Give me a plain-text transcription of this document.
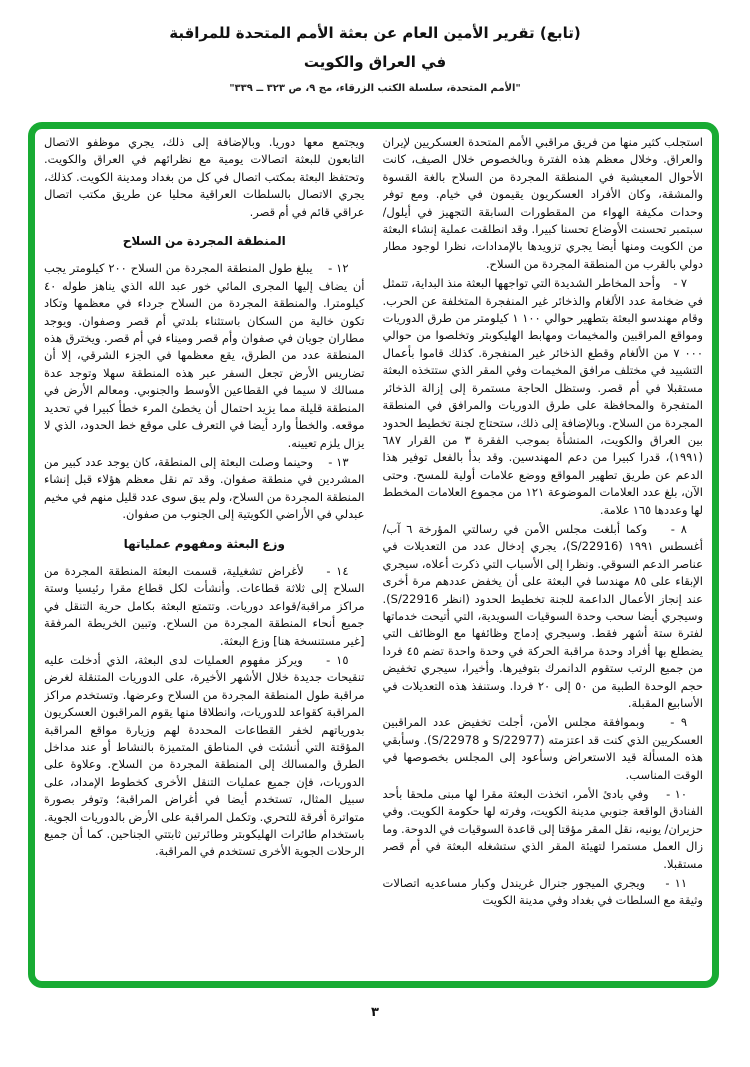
(تابع) تقرير الأمين العام عن بعثة الأمم المتحدة للمراقبة
في العراق والكويت
"الأمم المتحدة، سلسلة الكتب الزرقاء، مج ٩، ص ٣٢٣ ــ ٣٣٩"

استجلب كثير منها من فريق مراقبي الأمم المتحدة العسكريين لإيران والعراق. وخلال معظم هذه الفترة وبالخصوص خلال الصيف، كانت الأحوال المعيشية في المنطقة المجردة من السلاح بالغة القسوة والمشقة، وكان الأفراد العسكريون يقيمون في خيام. ومع توفر وحدات مكيفة الهواء من المقطورات السابقة التجهيز في أيلول/ سبتمبر تحسنت الأوضاع تحسنا كبيرا. وقد انطلقت عملية إنشاء البعثة من الكويت ومنها أيضا يجري تزويدها بالإمدادات، نظرا لوجود مطار دولي بالقرب من المنطقة المجردة من السلاح.

٧ -    وأحد المخاطر الشديدة التي تواجهها البعثة منذ البداية، تتمثل في ضخامة عدد الألغام والذخائر غير المنفجرة المتخلفة عن الحرب. وقام مهندسو البعثة بتطهير حوالي ١ ١٠٠ كيلومتر من طرق الدوريات ومواقع المراقبين والمخيمات ومهابط الهليكوبتر وتخلصوا من حوالي ٧ ٠٠٠ من الألغام وقطع الذخائر غير المنفجرة. كذلك قاموا بأعمال التشييد في مختلف مرافق المخيمات وفي المقر الذي ستتخذه البعثة مستقبلا في أم قصر. وستظل الحاجة مستمرة إلى إزالة الذخائر المتفجرة والمحافظة على طرق الدوريات والمرافق في المنطقة المجردة من السلاح. وبالإضافة إلى ذلك، ستحتاج لجنة تخطيط الحدود بين العراق والكويت، المنشأة بموجب الفقرة ٣ من القرار ٦٨٧ (١٩٩١)، قدرا كبيرا من دعم المهندسين. وقد بدأ بالفعل توفير هذا الدعم عن طريق تطهير المواقع ووضع علامات أولية للمسح. وحتى الآن، بلغ عدد العلامات الموضوعة ١٢١ من مجموع العلامات المخطط لها وعددها ١٦٥ علامة.

٨ -    وكما أبلغت مجلس الأمن في رسالتي المؤرخة ٦ آب/ أغسطس ١٩٩١ (S/22916)، يجري إدخال عدد من التعديلات في عناصر الدعم السوقي. ونظرا إلى الأسباب التي ذكرت أعلاه، سيجري الإبقاء على ٨٥ مهندسا في البعثة على أن يخفض عددهم مرة أخرى عند إنجاز الأعمال الداعمة للجنة تخطيط الحدود (انظر S/22916). وسيجري أيضا سحب وحدة السوقيات السويدية، التي أتيحت خدماتها لفترة ستة أشهر فقط. وسيجري إدماج وظائفها مع الوظائف التي يضطلع بها أفراد وحدة مراقبة الحركة في وحدة واحدة تضم ٤٥ فردا من جميع الرتب ستقوم الدانمرك بتوفيرها. وأخيرا، سيجري تخفيض حجم الوحدة الطبية من ٥٠ إلى ٢٠ فردا. وستنفذ هذه التعديلات في الأسابيع المقبلة.

٩ -    وبموافقة مجلس الأمن، أجلت تخفيض عدد المراقبين العسكريين الذي كنت قد اعتزمته (S/22977 و S/22978). وسأبقي هذه المسألة قيد الاستعراض وسأعود إلى المجلس بخصوصها في الوقت المناسب.

١٠ -    وفي بادئ الأمر، اتخذت البعثة مقرا لها مبنى ملحقا بأحد الفنادق الواقعة جنوبي مدينة الكويت، وفرته لها حكومة الكويت. وفي حزيران/ يونيه، نقل المقر مؤقتا إلى قاعدة السوقيات في الدوحة. وما زال العمل مستمرا لتهيئة المقر الذي ستشغله البعثة في أم قصر مستقبلا.

١١ -    ويجري الميجور جنرال غريندل وكبار مساعديه اتصالات وثيقة مع السلطات في بغداد وفي مدينة الكويت

ويجتمع معها دوريا. وبالإضافة إلى ذلك، يجري موظفو الاتصال التابعون للبعثة اتصالات يومية مع نظرائهم في العراق والكويت. وتحتفظ البعثة بمكتب اتصال في كل من بغداد ومدينة الكويت. كذلك، يجري الاتصال بالسلطات العراقية محليا عن طريق مكتب اتصال عراقي قائم في أم قصر.

المنطقة المجردة من السلاح

١٢ -    يبلغ طول المنطقة المجردة من السلاح ٢٠٠ كيلومتر يجب أن يضاف إليها المجرى المائي خور عبد الله الذي يناهز طوله ٤٠ كيلومترا. والمنطقة المجردة من السلاح جرداء في معظمها وتكاد تكون خالية من السكان باستثناء بلدتي أم قصر وصفوان. ويوجد مطاران جويان في صفوان وأم قصر وميناء في أم قصر. ويخترق هذه المنطقة عدد من الطرق، يقع معظمها في الجزء الشرقي، إلا أن تضاريس الأرض تجعل السفر عبر هذه المنطقة سهلا وتوجد عدة مسالك لا سيما في القطاعين الأوسط والجنوبي. ومعالم الأرض في المنطقة قليلة مما يزيد احتمال أن يخطئ المرء خطأ كبيرا في تحديد موقعه. والخطأ وارد أيضا في التعرف على موقع خط الحدود، الذي لا يزال يلزم تعيينه.

١٣ -    وحينما وصلت البعثة إلى المنطقة، كان يوجد عدد كبير من المشردين في منطقة صفوان. وقد تم نقل معظم هؤلاء قبل إنشاء المنطقة المجردة من السلاح، ولم يبق سوى عدد قليل منهم في مخيم عبدلي في الأراضي الكويتية إلى الجنوب من صفوان.

وزع البعثة ومفهوم عملياتها

١٤ -    لأغراض تشغيلية، قسمت البعثة المنطقة المجردة من السلاح إلى ثلاثة قطاعات. وأنشأت لكل قطاع مقرا رئيسيا وستة مراكز مراقبة/قواعد دوريات. وتتمتع البعثة بكامل حرية التنقل في جميع أنحاء المنطقة المجردة من السلاح. وتبين الخريطة المرفقة [غير مستنسخة هنا] وزع البعثة.

١٥ -    ويركز مفهوم العمليات لدى البعثة، الذي أدخلت عليه تنقيحات جديدة خلال الأشهر الأخيرة، على الدوريات المتنقلة لغرض مراقبة طول المنطقة المجردة من السلاح وعرضها. وتستخدم مراكز المراقبة كقواعد للدوريات، وانطلاقا منها يقوم المراقبون العسكريون بدورياتهم لخفر القطاعات المحددة لهم وزيارة مواقع المراقبة المؤقتة التي أنشئت في المناطق المتميزة بالنشاط أو عند مداخل الطرق والمسالك إلى المنطقة المجردة من السلاح. وعلاوة على الدوريات، فإن جميع عمليات التنقل الأخرى كخطوط الإمداد، على سبيل المثال، تستخدم أيضا في أغراض المراقبة؛ وتوفر بصورة متواترة أفرقة للتحري. وتكمل المراقبة على الأرض بالدوريات الجوية. باستخدام طائرات الهليكوبتر وطائرتين ثابتتي الجناحين. كما أن جميع الرحلات الجوية الأخرى تستخدم في المراقبة.

٣
